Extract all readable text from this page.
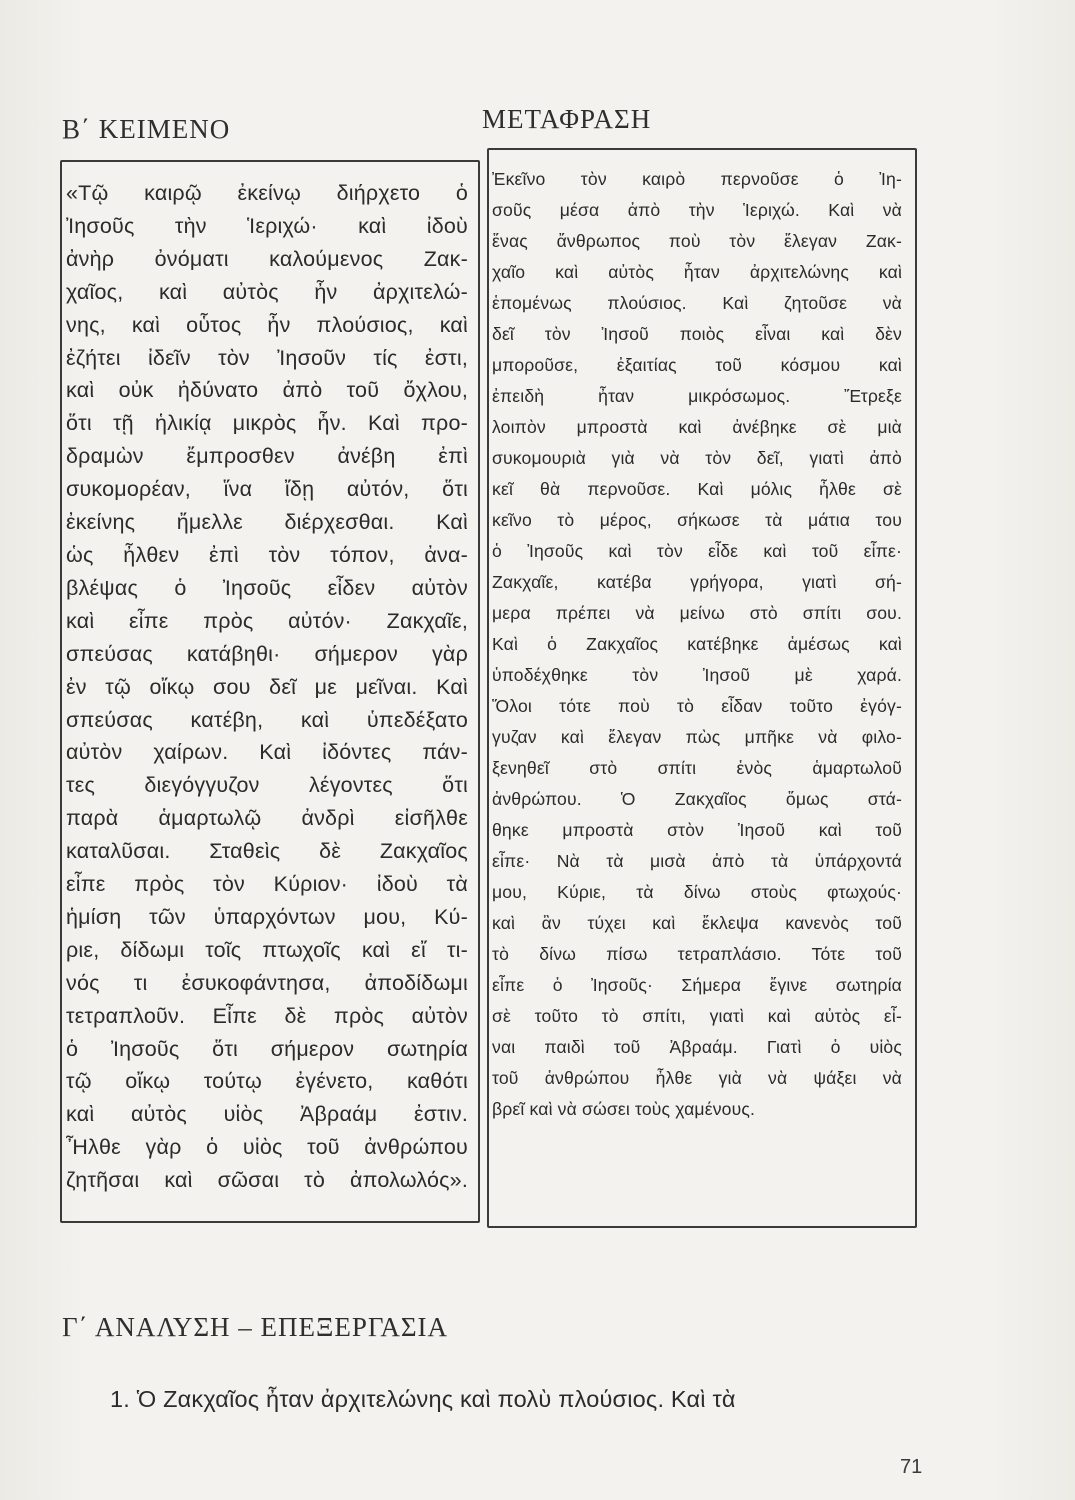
Β΄ ΚΕΙΜΕΝΟ	ΜΕΤΑΦΡΑΣΗ
«Τῷ καιρῷ ἐκείνῳ διήρχετο ὁ
Ἰησοῦς τὴν Ἱεριχώ· καὶ ἰδοὺ
ἀνὴρ ὀνόματι καλούμενος Ζακ-
χαῖος, καὶ αὐτὸς ἦν ἀρχιτελώ-
νης, καὶ οὗτος ἦν πλούσιος, καὶ
ἐζήτει ἰδεῖν τὸν Ἰησοῦν τίς ἐστι,
καὶ οὐκ ἠδύνατο ἀπὸ τοῦ ὄχλου,
ὅτι τῇ ἡλικίᾳ μικρὸς ἦν. Καὶ προ-
δραμὼν ἔμπροσθεν ἀνέβη ἐπὶ
συκομορέαν, ἵνα ἴδῃ αὐτόν, ὅτι
ἐκείνης ἤμελλε διέρχεσθαι. Καὶ
ὡς ἦλθεν ἐπὶ τὸν τόπον, ἀνα-
βλέψας ὁ Ἰησοῦς εἶδεν αὐτὸν
καὶ εἶπε πρὸς αὐτόν· Ζακχαῖε,
σπεύσας κατάβηθι· σήμερον γὰρ
ἐν τῷ οἴκῳ σου δεῖ με μεῖναι. Καὶ
σπεύσας κατέβη, καὶ ὑπεδέξατο
αὐτὸν χαίρων. Καὶ ἰδόντες πάν-
τες διεγόγγυζον λέγοντες ὅτι
παρὰ ἁμαρτωλῷ ἀνδρὶ εἰσῆλθε
καταλῦσαι. Σταθεὶς δὲ Ζακχαῖος
εἶπε πρὸς τὸν Κύριον· ἰδοὺ τὰ
ἡμίση τῶν ὑπαρχόντων μου, Κύ-
ριε, δίδωμι τοῖς πτωχοῖς καὶ εἴ τι-
νός τι ἐσυκοφάντησα, ἀποδίδωμι
τετραπλοῦν. Εἶπε δὲ πρὸς αὐτὸν
ὁ Ἰησοῦς ὅτι σήμερον σωτηρία
τῷ οἴκῳ τούτῳ ἐγένετο, καθότι
καὶ αὐτὸς υἱὸς Ἀβραάμ ἐστιν.
Ἦλθε γὰρ ὁ υἱὸς τοῦ ἀνθρώπου
ζητῆσαι καὶ σῶσαι τὸ ἀπολωλός».
Ἐκεῖνο τὸν καιρὸ περνοῦσε ὁ Ἰη-
σοῦς μέσα ἀπὸ τὴν Ἱεριχώ. Καὶ νὰ
ἕνας ἄνθρωπος ποὺ τὸν ἔλεγαν Ζακ-
χαῖο καὶ αὐτὸς ἦταν ἀρχιτελώνης καὶ
ἑπομένως πλούσιος. Καὶ ζητοῦσε νὰ
δεῖ τὸν Ἰησοῦ ποιὸς εἶναι καὶ δὲν
μποροῦσε, ἐξαιτίας τοῦ κόσμου καὶ
ἐπειδὴ ἦταν μικρόσωμος. Ἔτρεξε
λοιπὸν μπροστὰ καὶ ἀνέβηκε σὲ μιὰ
συκομουριὰ γιὰ νὰ τὸν δεῖ, γιατὶ ἀπὸ
κεῖ θὰ περνοῦσε. Καὶ μόλις ἦλθε σὲ
κεῖνο τὸ μέρος, σήκωσε τὰ μάτια του
ὁ Ἰησοῦς καὶ τὸν εἶδε καὶ τοῦ εἶπε·
Ζακχαῖε, κατέβα γρήγορα, γιατὶ σή-
μερα πρέπει νὰ μείνω στὸ σπίτι σου.
Καὶ ὁ Ζακχαῖος κατέβηκε ἀμέσως καὶ
ὑποδέχθηκε τὸν Ἰησοῦ μὲ χαρά.
Ὅλοι τότε ποὺ τὸ εἶδαν τοῦτο ἐγόγ-
γυζαν καὶ ἔλεγαν πὼς μπῆκε νὰ φιλο-
ξενηθεῖ στὸ σπίτι ἑνὸς ἁμαρτωλοῦ
ἀνθρώπου. Ὁ Ζακχαῖος ὅμως στά-
θηκε μπροστὰ στὸν Ἰησοῦ καὶ τοῦ
εἶπε· Νὰ τὰ μισὰ ἀπὸ τὰ ὑπάρχοντά
μου, Κύριε, τὰ δίνω στοὺς φτωχούς·
καὶ ἂν τύχει καὶ ἔκλεψα κανενὸς τοῦ
τὸ δίνω πίσω τετραπλάσιο. Τότε τοῦ
εἶπε ὁ Ἰησοῦς· Σήμερα ἔγινε σωτηρία
σὲ τοῦτο τὸ σπίτι, γιατὶ καὶ αὐτὸς εἶ-
ναι παιδὶ τοῦ Ἀβραάμ. Γιατὶ ὁ υἱὸς
τοῦ ἀνθρώπου ἦλθε γιὰ νὰ ψάξει νὰ
βρεῖ καὶ νὰ σώσει τοὺς χαμένους.
Γ΄ ΑΝΑΛΥΣΗ – ΕΠΕΞΕΡΓΑΣΙΑ
1. Ὁ Ζακχαῖος ἦταν ἀρχιτελώνης καὶ πολὺ πλούσιος. Καὶ τὰ
71
